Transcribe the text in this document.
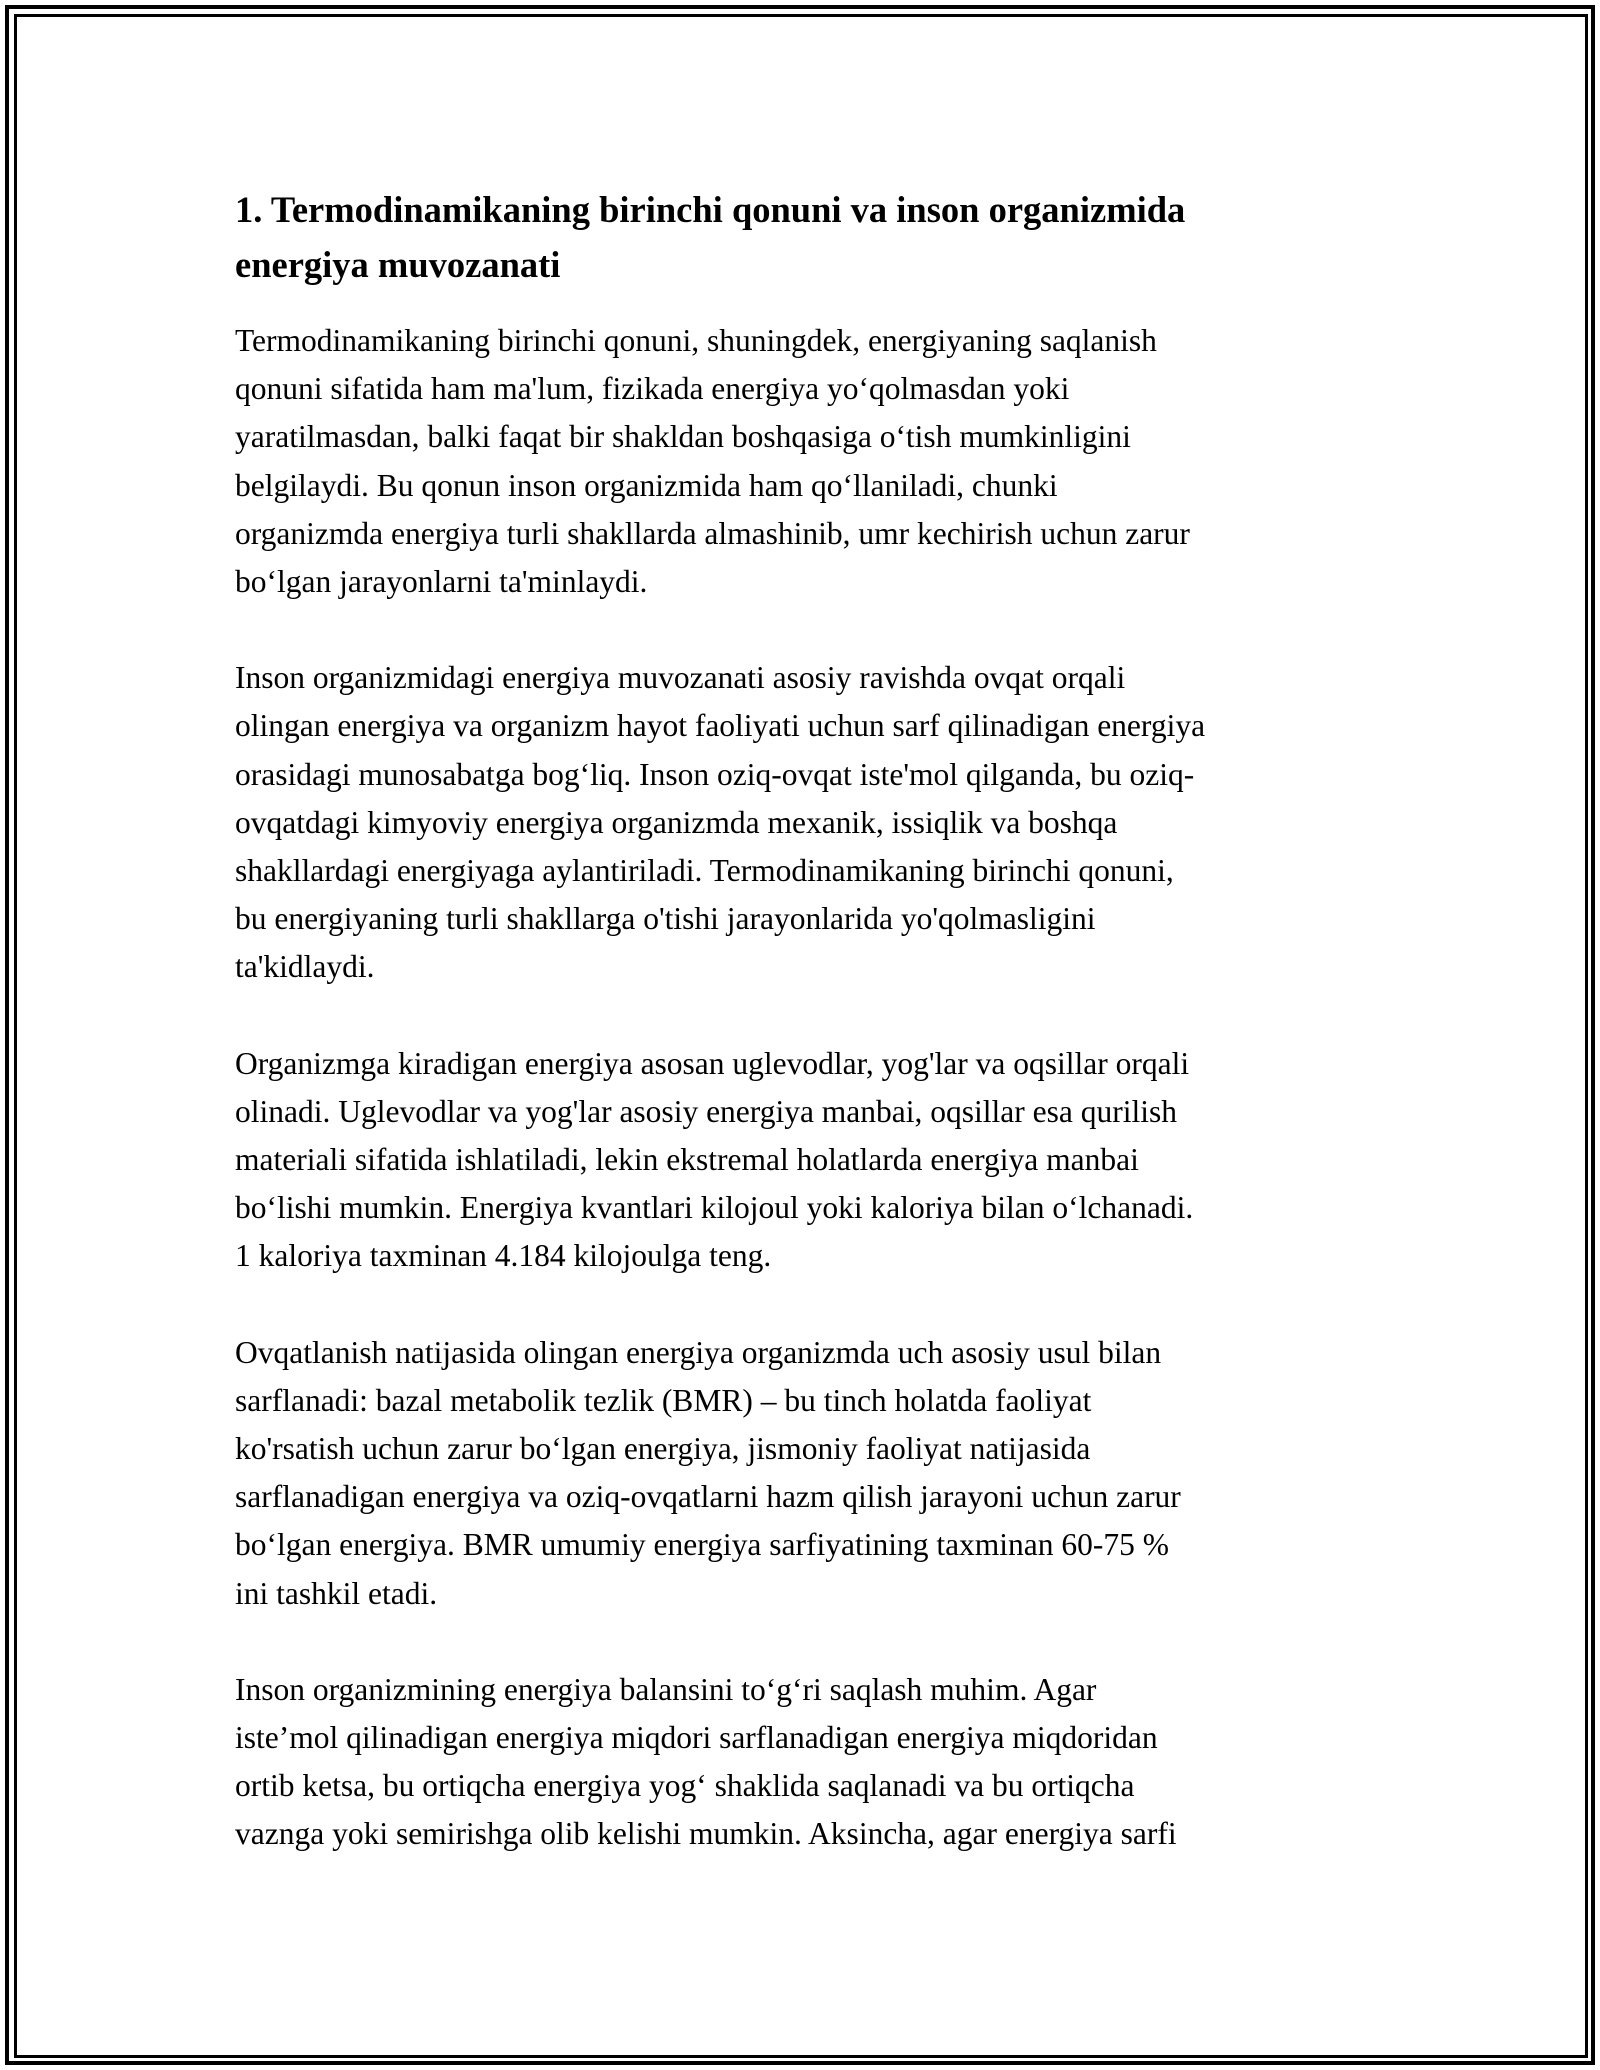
1. Termodinamikaning birinchi qonuni va inson organizmida
energiya muvozanati

Termodinamikaning birinchi qonuni, shuningdek, energiyaning saqlanish
qonuni sifatida ham ma'lum, fizikada energiya yo‘qolmasdan yoki
yaratilmasdan, balki faqat bir shakldan boshqasiga o‘tish mumkinligini
belgilaydi. Bu qonun inson organizmida ham qo‘llaniladi, chunki
organizmda energiya turli shakllarda almashinib, umr kechirish uchun zarur
bo‘lgan jarayonlarni ta'minlaydi.

Inson organizmidagi energiya muvozanati asosiy ravishda ovqat orqali
olingan energiya va organizm hayot faoliyati uchun sarf qilinadigan energiya
orasidagi munosabatga bog‘liq. Inson oziq-ovqat iste'mol qilganda, bu oziq-
ovqatdagi kimyoviy energiya organizmda mexanik, issiqlik va boshqa
shakllardagi energiyaga aylantiriladi. Termodinamikaning birinchi qonuni,
bu energiyaning turli shakllarga o'tishi jarayonlarida yo'qolmasligini
ta'kidlaydi.

Organizmga kiradigan energiya asosan uglevodlar, yog'lar va oqsillar orqali
olinadi. Uglevodlar va yog'lar asosiy energiya manbai, oqsillar esa qurilish
materiali sifatida ishlatiladi, lekin ekstremal holatlarda energiya manbai
bo‘lishi mumkin. Energiya kvantlari kilojoul yoki kaloriya bilan o‘lchanadi.
1 kaloriya taxminan 4.184 kilojoulga teng.

Ovqatlanish natijasida olingan energiya organizmda uch asosiy usul bilan
sarflanadi: bazal metabolik tezlik (BMR) – bu tinch holatda faoliyat
ko'rsatish uchun zarur bo‘lgan energiya, jismoniy faoliyat natijasida
sarflanadigan energiya va oziq-ovqatlarni hazm qilish jarayoni uchun zarur
bo‘lgan energiya. BMR umumiy energiya sarfiyatining taxminan 60-75 %
ini tashkil etadi.

Inson organizmining energiya balansini to‘g‘ri saqlash muhim. Agar
iste’mol qilinadigan energiya miqdori sarflanadigan energiya miqdoridan
ortib ketsa, bu ortiqcha energiya yog‘ shaklida saqlanadi va bu ortiqcha
vaznga yoki semirishga olib kelishi mumkin. Aksincha, agar energiya sarfi
